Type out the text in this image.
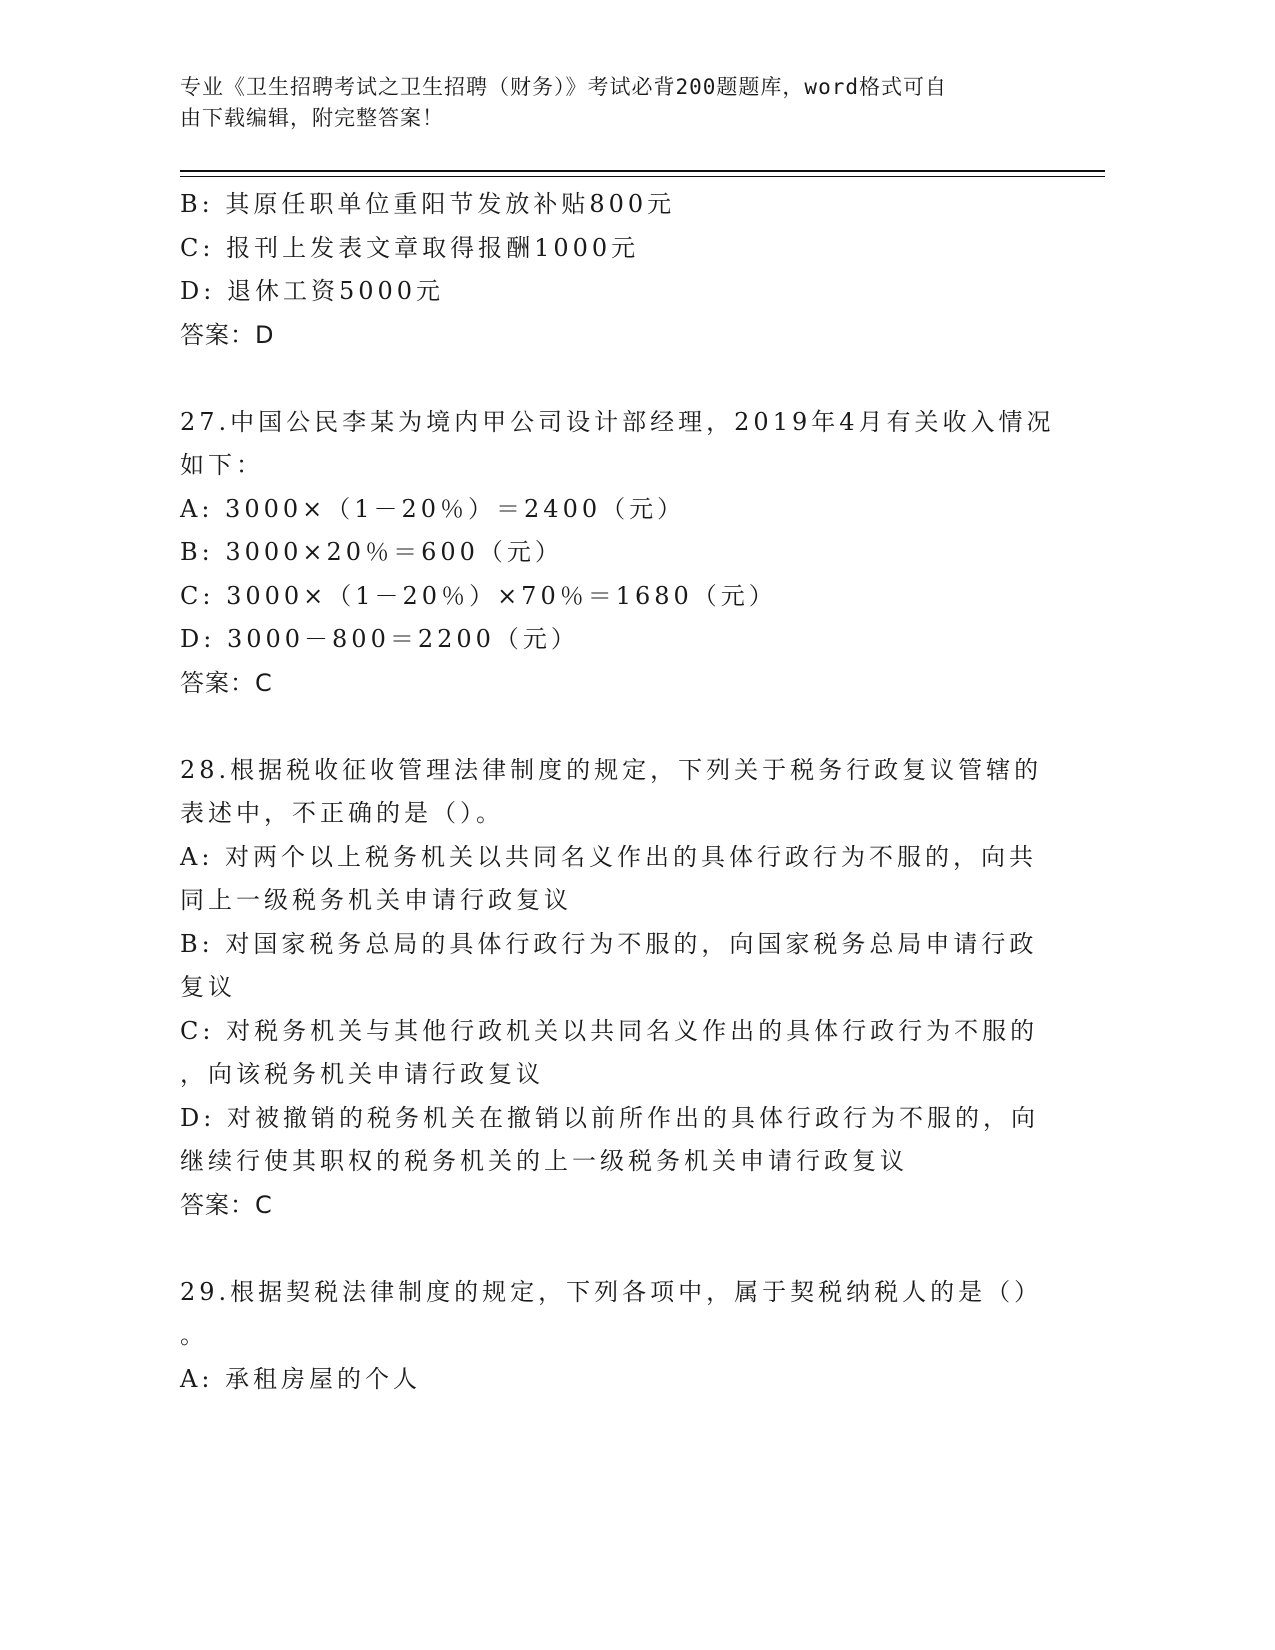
专业《卫生招聘考试之卫生招聘（财务）》考试必背200题题库，word格式可自
由下载编辑，附完整答案！
B: 其原任职单位重阳节发放补贴800元
C: 报刊上发表文章取得报酬1000元
D: 退休工资5000元
答案：D
27.中国公民李某为境内甲公司设计部经理，2019年4月有关收入情况
如下：
A: 3000×（1－20％）＝2400（元）
B: 3000×20％＝600（元）
C: 3000×（1－20％）×70％＝1680（元）
D: 3000－800＝2200（元）
答案：C
28.根据税收征收管理法律制度的规定，下列关于税务行政复议管辖的
表述中，不正确的是（）。
A: 对两个以上税务机关以共同名义作出的具体行政行为不服的，向共
同上一级税务机关申请行政复议
B: 对国家税务总局的具体行政行为不服的，向国家税务总局申请行政
复议
C: 对税务机关与其他行政机关以共同名义作出的具体行政行为不服的
，向该税务机关申请行政复议
D: 对被撤销的税务机关在撤销以前所作出的具体行政行为不服的，向
继续行使其职权的税务机关的上一级税务机关申请行政复议
答案：C
29.根据契税法律制度的规定，下列各项中，属于契税纳税人的是（）
。
A: 承租房屋的个人
